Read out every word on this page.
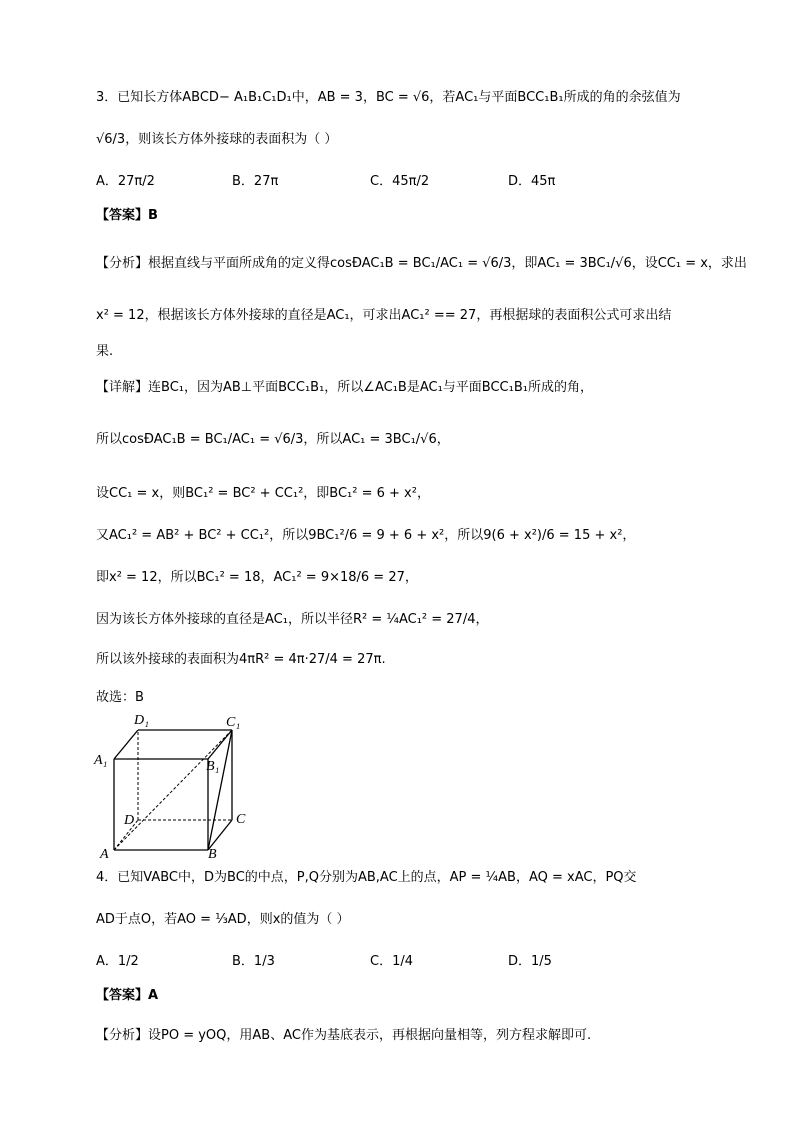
3．已知长方体ABCD− A₁B₁C₁D₁中，AB = 3，BC = √6，若AC₁与平面BCC₁B₁所成的角的余弦值为
√6/3，则该长方体外接球的表面积为（ ）
A．27π/2	B．27π	C．45π/2	D．45π
【答案】B
【分析】根据直线与平面所成角的定义得cosÐAC₁B = BC₁/AC₁ = √6/3，即AC₁ = 3BC₁/√6，设CC₁ = x，求出
x² = 12，根据该长方体外接球的直径是AC₁，可求出AC₁² == 27，再根据球的表面积公式可求出结
果.
【详解】连BC₁，因为AB⊥平面BCC₁B₁，所以∠AC₁B是AC₁与平面BCC₁B₁所成的角，
所以cosÐAC₁B = BC₁/AC₁ = √6/3，所以AC₁ = 3BC₁/√6，
设CC₁ = x，则BC₁² = BC² + CC₁²，即BC₁² = 6 + x²，
又AC₁² = AB² + BC² + CC₁²，所以9BC₁²/6 = 9 + 6 + x²，所以9(6 + x²)/6 = 15 + x²，
即x² = 12，所以BC₁² = 18，AC₁² = 9×18/6 = 27，
因为该长方体外接球的直径是AC₁，所以半径R² = ¼AC₁² = 27/4，
所以该外接球的表面积为4πR² = 4π·27/4 = 27π.
故选：B
D₁	C₁
A₁	B₁
D	C
A	B
4．已知VABC中，D为BC的中点，P,Q分别为AB,AC上的点，AP = ¼AB，AQ = xAC，PQ交
AD于点O，若AO = ⅓AD，则x的值为（ ）
A．1/2	B．1/3	C．1/4	D．1/5
【答案】A
【分析】设PO = yOQ，用AB、AC作为基底表示，再根据向量相等，列方程求解即可.
